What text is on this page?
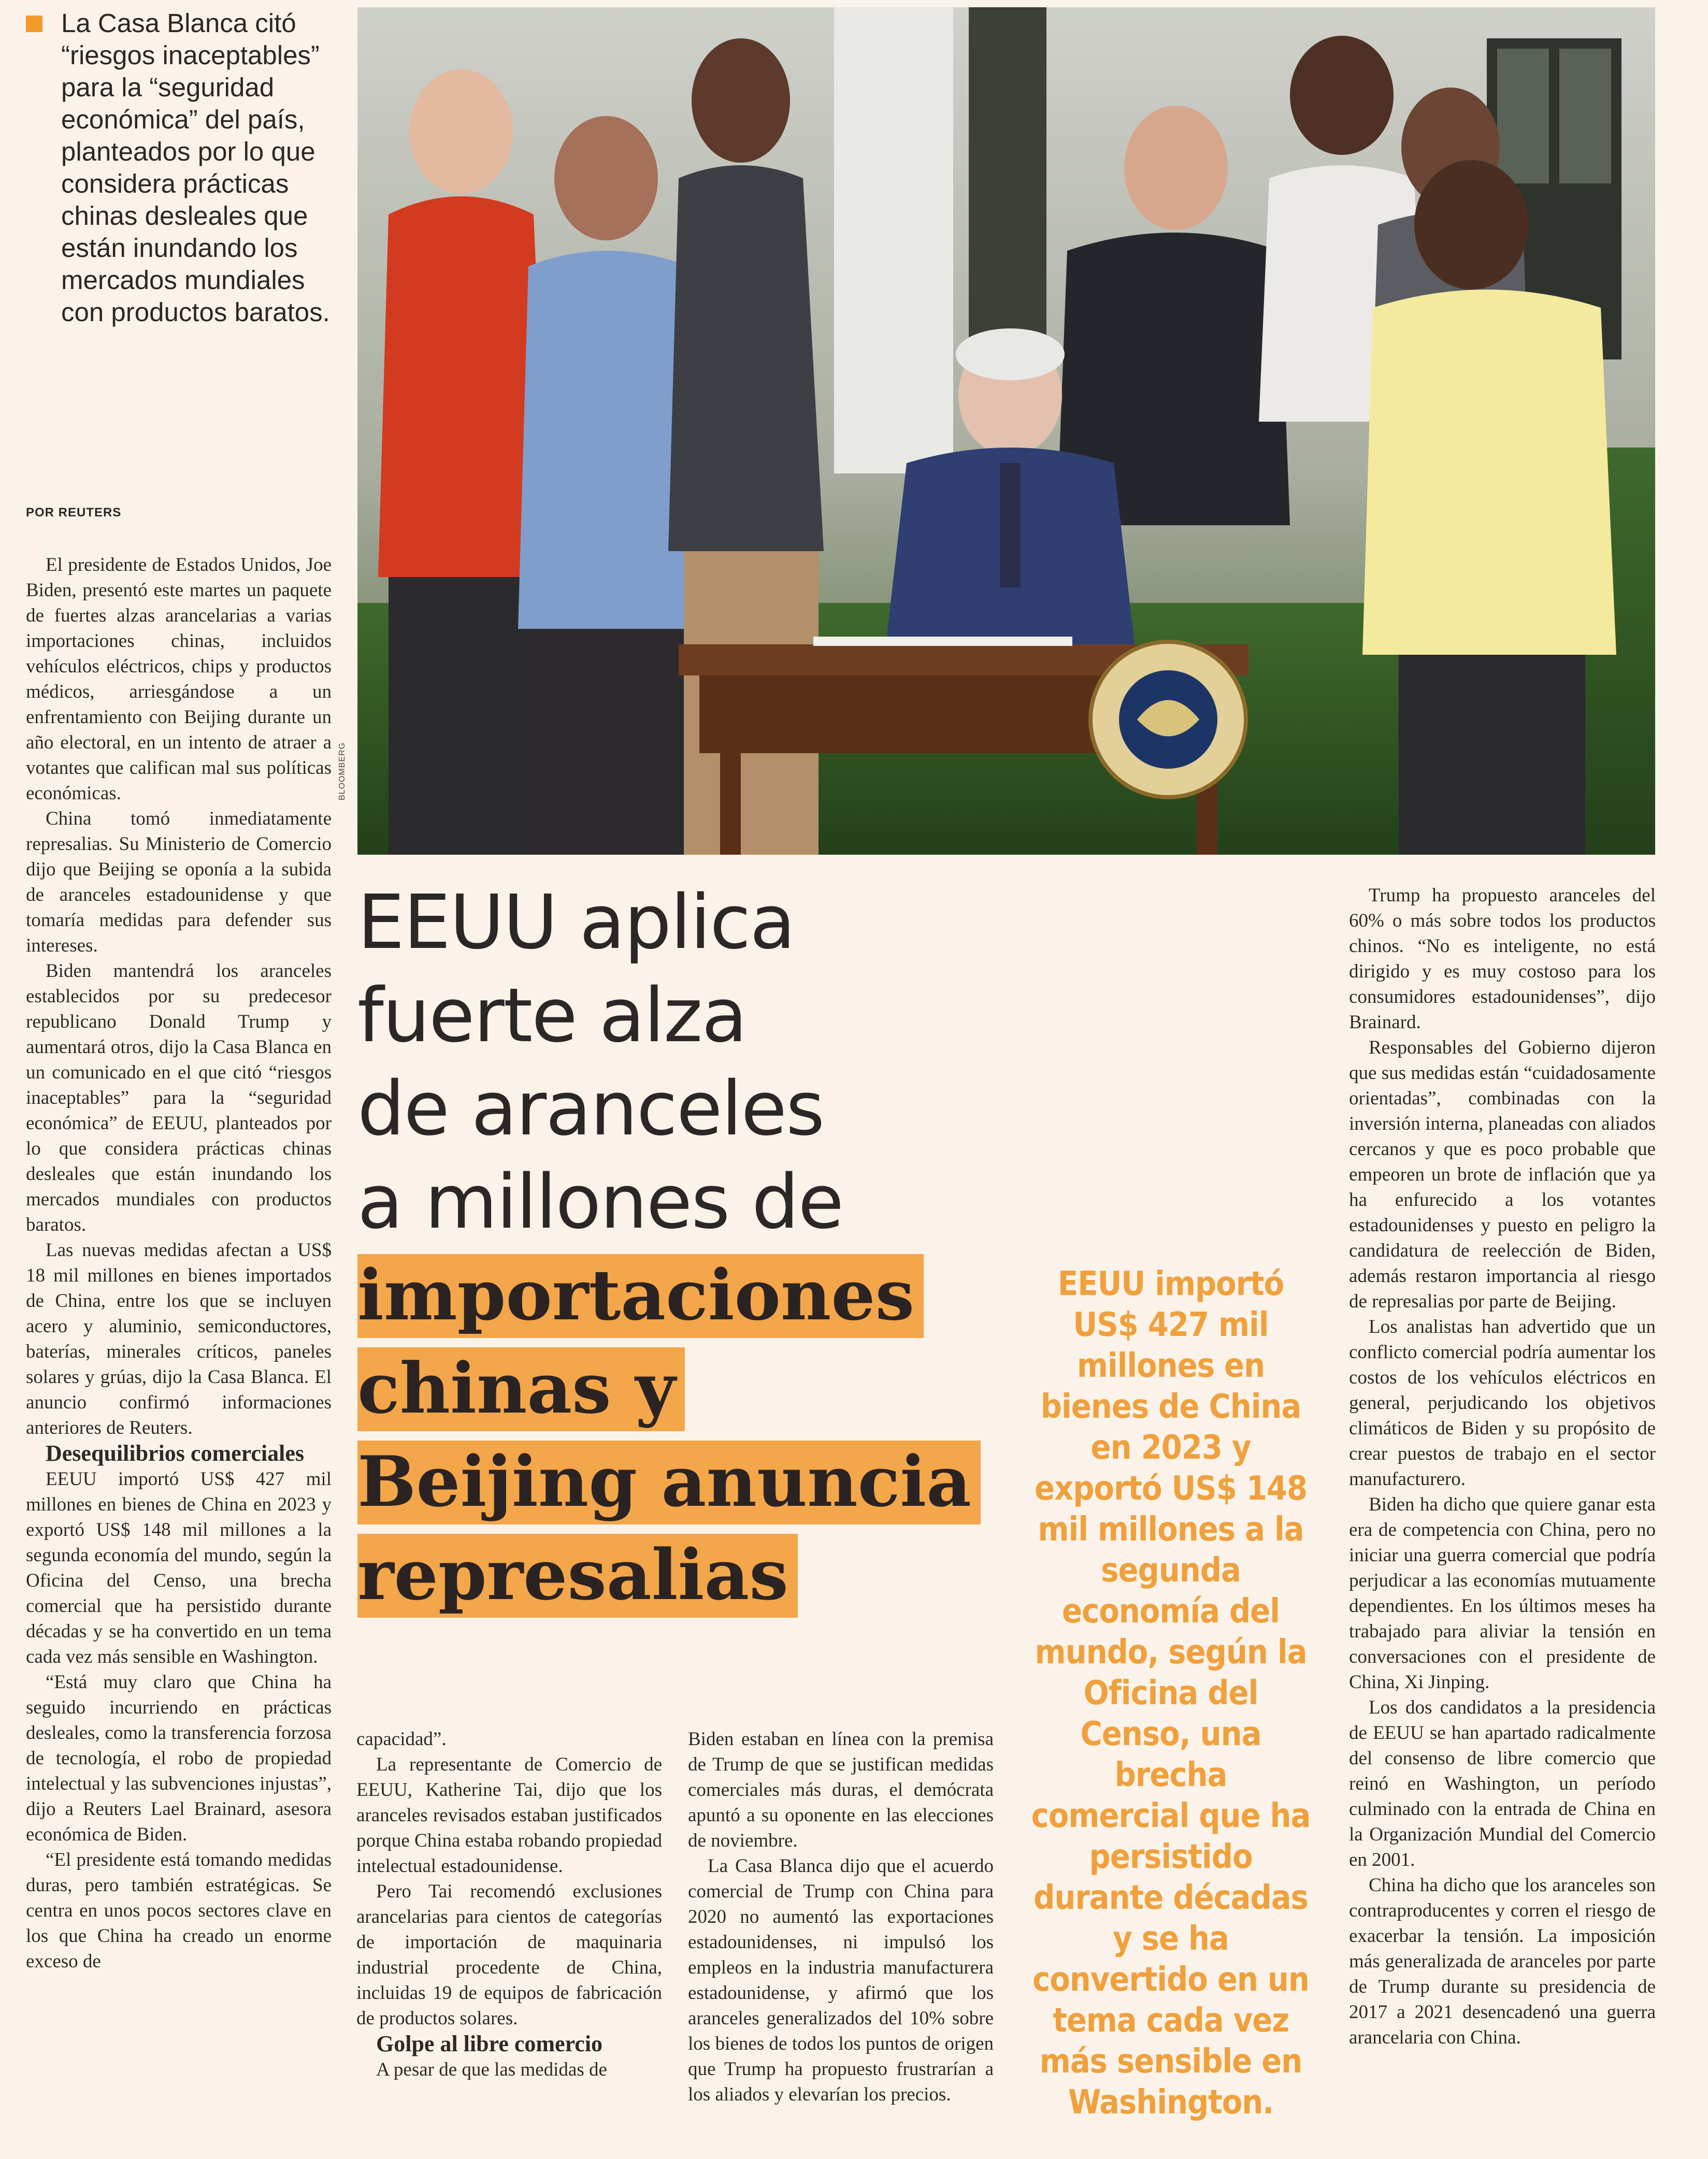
La Casa Blanca citó “riesgos inaceptables” para la “seguridad económica” del país, planteados por lo que considera prácticas chinas desleales que están inundando los mercados mundiales con productos baratos.
POR REUTERS

El presidente de Estados Unidos, Joe Biden, presentó este martes un paquete de fuertes alzas arancelarias a varias importaciones chinas, incluidos vehículos eléctricos, chips y productos médicos, arriesgándose a un enfrentamiento con Beijing durante un año electoral, en un intento de atraer a votantes que califican mal sus políticas económicas.

China tomó inmediatamente represalias. Su Ministerio de Comercio dijo que Beijing se oponía a la subida de aranceles estadounidense y que tomaría medidas para defender sus intereses.

Biden mantendrá los aranceles establecidos por su predecesor republicano Donald Trump y aumentará otros, dijo la Casa Blanca en un comunicado en el que citó “riesgos inaceptables” para la “seguridad económica” de EEUU, planteados por lo que considera prácticas chinas desleales que están inundando los mercados mundiales con productos baratos.

Las nuevas medidas afectan a US$ 18 mil millones en bienes importados de China, entre los que se incluyen acero y aluminio, semiconductores, baterías, minerales críticos, paneles solares y grúas, dijo la Casa Blanca. El anuncio confirmó informaciones anteriores de Reuters.

Desequilibrios comerciales

EEUU importó US$ 427 mil millones en bienes de China en 2023 y exportó US$ 148 mil millones a la segunda economía del mundo, según la Oficina del Censo, una brecha comercial que ha persistido durante décadas y se ha convertido en un tema cada vez más sensible en Washington.

“Está muy claro que China ha seguido incurriendo en prácticas desleales, como la transferencia forzosa de tecnología, el robo de propiedad intelectual y las subvenciones injustas”, dijo a Reuters Lael Brainard, asesora económica de Biden.

“El presidente está tomando medidas duras, pero también estratégicas. Se centra en unos pocos sectores clave en los que China ha creado un enorme exceso de

BLOOMBERG

EEUU aplica

fuerte alza

de aranceles

a millones de

importaciones

chinas y

Beijing anuncia

represalias

capacidad”.

La representante de Comercio de EEUU, Katherine Tai, dijo que los aranceles revisados estaban justificados porque China estaba robando propiedad intelectual estadounidense.

Pero Tai recomendó exclusiones arancelarias para cientos de categorías de importación de maquinaria industrial procedente de China, incluidas 19 de equipos de fabricación de productos solares.

Golpe al libre comercio

A pesar de que las medidas de

Biden estaban en línea con la premisa de Trump de que se justifican medidas comerciales más duras, el demócrata apuntó a su oponente en las elecciones de noviembre.

La Casa Blanca dijo que el acuerdo comercial de Trump con China para 2020 no aumentó las exportaciones estadounidenses, ni impulsó los empleos en la industria manufacturera estadounidense, y afirmó que los aranceles generalizados del 10% sobre los bienes de todos los puntos de origen que Trump ha propuesto frustrarían a los aliados y elevarían los precios.

EEUU importó US$ 427 mil millones en bienes de China en 2023 y exportó US$ 148 mil millones a la segunda economía del mundo, según la Oficina del Censo, una brecha comercial que ha persistido durante décadas y se ha convertido en un tema cada vez más sensible en Washington.

Trump ha propuesto aranceles del 60% o más sobre todos los productos chinos. “No es inteligente, no está dirigido y es muy costoso para los consumidores estadounidenses”, dijo Brainard.

Responsables del Gobierno dijeron que sus medidas están “cuidadosamente orientadas”, combinadas con la inversión interna, planeadas con aliados cercanos y que es poco probable que empeoren un brote de inflación que ya ha enfurecido a los votantes estadounidenses y puesto en peligro la candidatura de reelección de Biden, además restaron importancia al riesgo de represalias por parte de Beijing.

Los analistas han advertido que un conflicto comercial podría aumentar los costos de los vehículos eléctricos en general, perjudicando los objetivos climáticos de Biden y su propósito de crear puestos de trabajo en el sector manufacturero.

Biden ha dicho que quiere ganar esta era de competencia con China, pero no iniciar una guerra comercial que podría perjudicar a las economías mutuamente dependientes. En los últimos meses ha trabajado para aliviar la tensión en conversaciones con el presidente de China, Xi Jinping.

Los dos candidatos a la presidencia de EEUU se han apartado radicalmente del consenso de libre comercio que reinó en Washington, un período culminado con la entrada de China en la Organización Mundial del Comercio en 2001.

China ha dicho que los aranceles son contraproducentes y corren el riesgo de exacerbar la tensión. La imposición más generalizada de aranceles por parte de Trump durante su presidencia de 2017 a 2021 desencadenó una guerra arancelaria con China.
